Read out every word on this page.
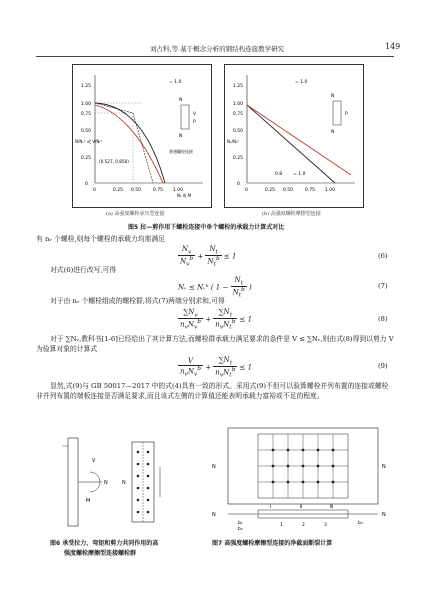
刘占科,等 基于概念分析的钢结构连接教学研究	149
0
0.25
0.50
0.75
1.00
1.25
0	0.25 0.50	0.75 1.00
N/Nᵥᵇ 或 V/Nₜᵇ
Nₜ 或 M
(0.527, 0.850)
普通螺栓连接
= 1.0
N
N
V
P
(a) 高强度螺栓承压型连接
0
0.25
0.50
0.75
1.00
1.25
0	0.25 0.50	0.75 1.00
Nᵥ/Nᵥᵇ
= 1.0
0.8 = 1.0
N
N
P
(b) 高强度螺栓摩擦型连接
图5 拉—剪作用下螺栓连接中单个螺栓的承载力计算式对比
有 nᵥ 个螺栓,则每个螺栓的承载力均需满足
$\frac{N_v}{N_v^b} + \frac{N_t}{N_t^b} \le 1$	(6)
对式(6)进行改写,可得
Nᵥ ≤ Nᵥᵇ ( $1 - \frac{N_t}{N_t^b}$ )	(7)
对于由 nᵥ 个螺栓组成的螺栓群,将式(7)两端分别求和,可得
$\frac{\sum N_v}{n_vN_v^b} + \frac{\sum N_t}{n_vN_t^b} \le 1$	(8)
对于 ∑Nᵥ,教科书[1-6]已经给出了其计算方法,而螺栓群承载力满足要求的条件是 V ≤ ∑Nᵥ,则由式(8)得到以剪力 V 为验算对象的计算式
$\frac{V}{n_vN_v^b} + \frac{\sum N_t}{n_vN_t^b} \le 1$	(9)
显然,式(9)与 GB 50017—2017 中的式(4)具有一致的形式。采用式(9)不但可以验算螺栓并列布置的连接或螺栓非并列布置的端板连接是否满足要求,而且该式左侧的计算值还能表明承载力富裕或不足的程度。
N
M
V
N
图6 承受拉力、弯矩和剪力共同作用的高
强度螺栓摩擦型连接螺栓群
N	N
N	N
Ⅰ	Ⅱ	Ⅲ
b₁
b₂
b₃
1	2	3
图7 高强度螺栓摩擦型连接的净截面断裂计算
